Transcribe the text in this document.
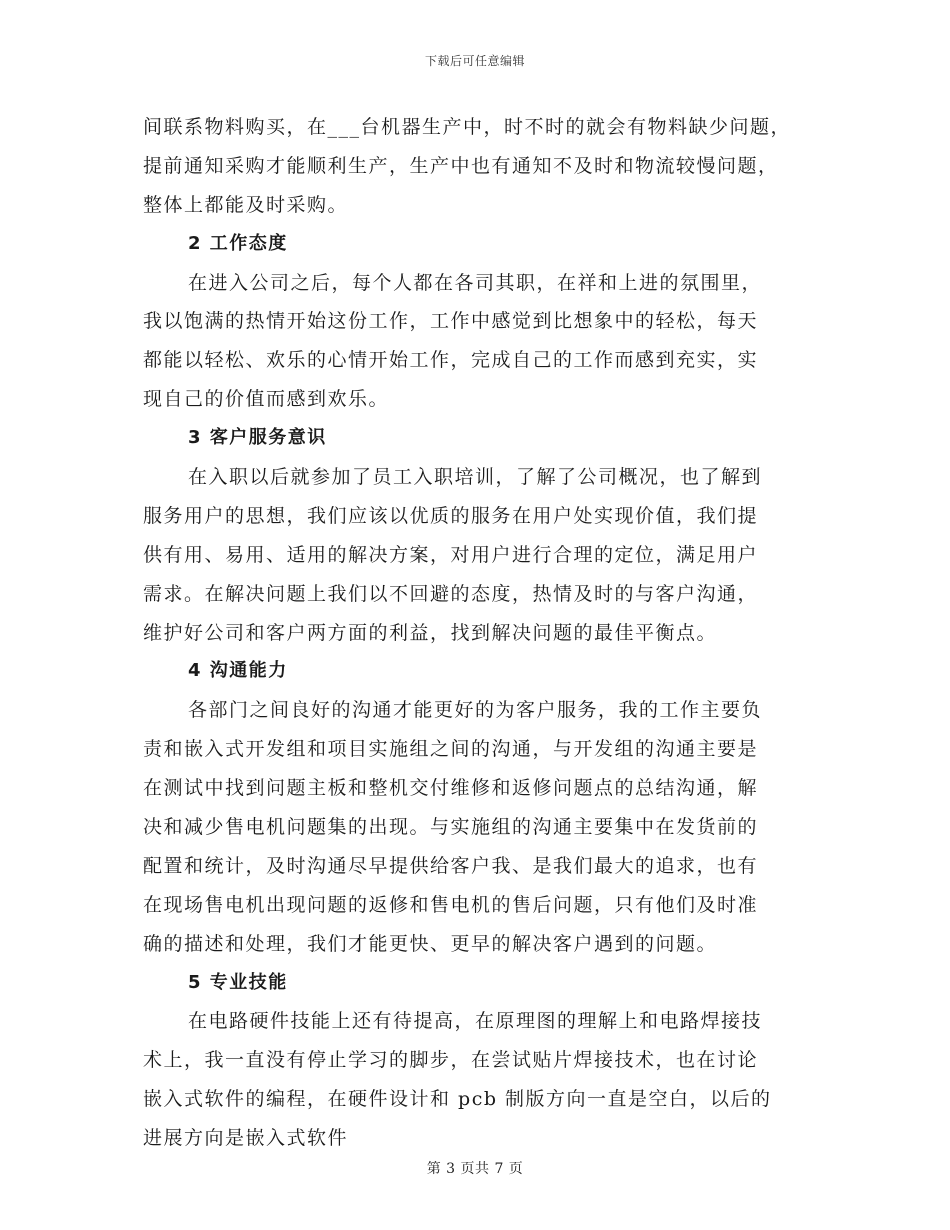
下载后可任意编辑
间联系物料购买，在___台机器生产中，时不时的就会有物料缺少问题，
提前通知采购才能顺利生产，生产中也有通知不及时和物流较慢问题，
整体上都能及时采购。
2 工作态度
在进入公司之后，每个人都在各司其职，在祥和上进的氛围里，
我以饱满的热情开始这份工作，工作中感觉到比想象中的轻松，每天
都能以轻松、欢乐的心情开始工作，完成自己的工作而感到充实，实
现自己的价值而感到欢乐。
3 客户服务意识
在入职以后就参加了员工入职培训，了解了公司概况，也了解到
服务用户的思想，我们应该以优质的服务在用户处实现价值，我们提
供有用、易用、适用的解决方案，对用户进行合理的定位，满足用户
需求。在解决问题上我们以不回避的态度，热情及时的与客户沟通，
维护好公司和客户两方面的利益，找到解决问题的最佳平衡点。
4 沟通能力
各部门之间良好的沟通才能更好的为客户服务，我的工作主要负
责和嵌入式开发组和项目实施组之间的沟通，与开发组的沟通主要是
在测试中找到问题主板和整机交付维修和返修问题点的总结沟通，解
决和减少售电机问题集的出现。与实施组的沟通主要集中在发货前的
配置和统计，及时沟通尽早提供给客户我、是我们最大的追求，也有
在现场售电机出现问题的返修和售电机的售后问题，只有他们及时准
确的描述和处理，我们才能更快、更早的解决客户遇到的问题。
5 专业技能
在电路硬件技能上还有待提高，在原理图的理解上和电路焊接技
术上，我一直没有停止学习的脚步，在尝试贴片焊接技术，也在讨论
嵌入式软件的编程，在硬件设计和 pcb 制版方向一直是空白，以后的
进展方向是嵌入式软件
第 3 页共 7 页
